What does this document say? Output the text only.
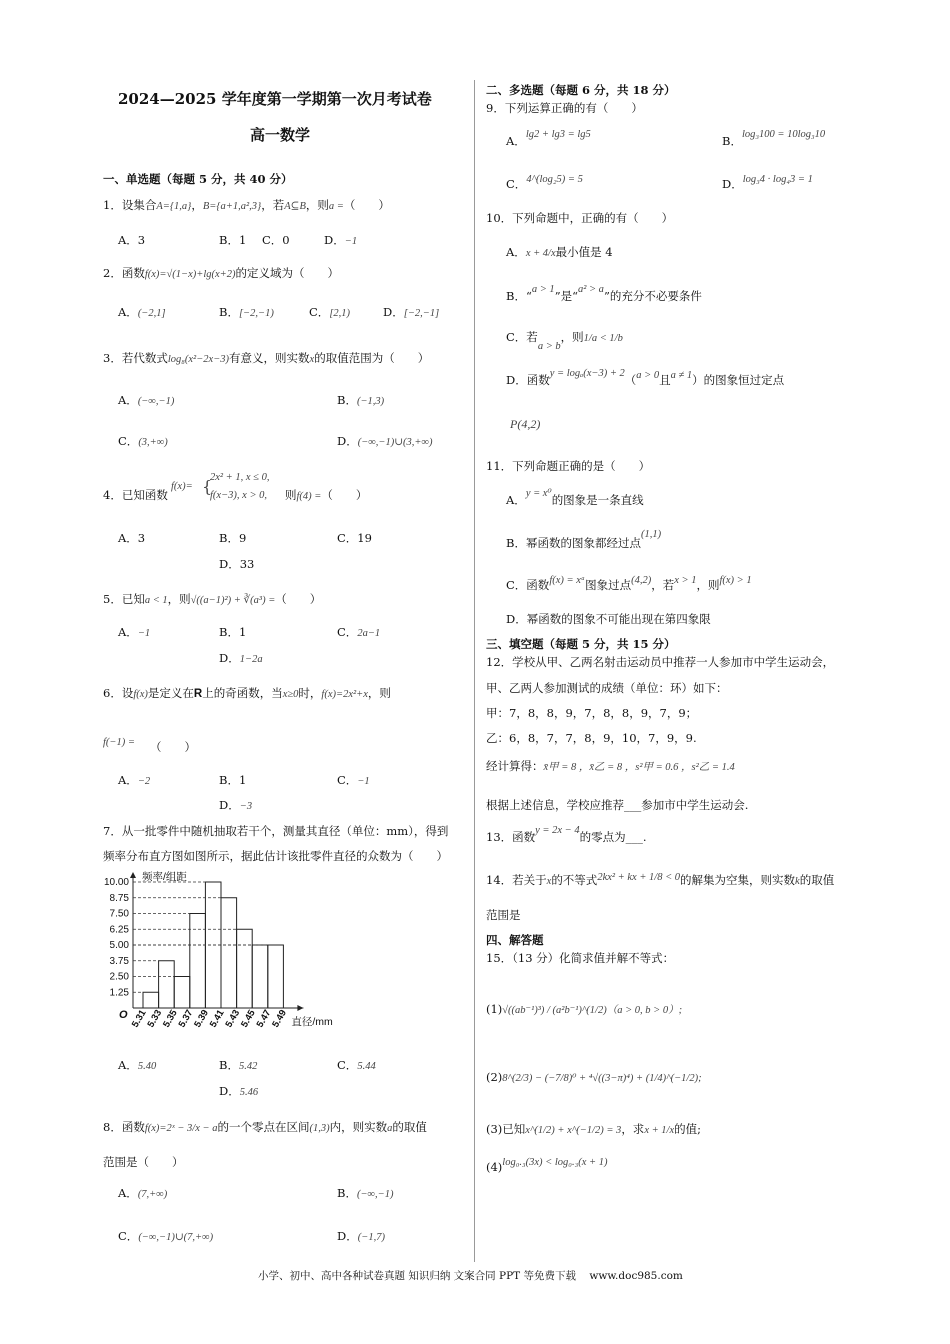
2024—2025 学年度第一学期第一次月考试卷
高一数学
一、单选题（每题 5 分，共 40 分）
1．设集合A={1,a}，B={a+1,a²,3}，若A⊆B，则a =（　　）
A．3	B．1 C．0	D．−1
2．函数f(x)=√(1−x)+lg(x+2)的定义域为（　　）
A．(−2,1]	B．[−2,−1)	C．[2,1)	D．[−2,−1]
3．若代数式log₈(x²−2x−3)有意义，则实数x的取值范围为（　　）
A．(−∞,−1)	B．(−1,3)
C．(3,+∞)	D．(−∞,−1)∪(3,+∞)
4．已知函数
f(x)= {
2x² + 1, x ≤ 0,
f(x−3), x > 0, 则f(4) =（　　）
A．3	B．9	C．19
D．33
5．已知a < 1，则√((a−1)²) + ∛(a³) =（　　）
A．−1	B．1	C．2a−1
D．1−2a
6．设f(x)是定义在R上的奇函数，当x≥0时，f(x)=2x²+x，则
f(−1) = （　　）
A．−2	B．1	C．−1
D．−3
7．从一批零件中随机抽取若干个，测量其直径（单位：mm），得到
频率分布直方图如图所示，据此估计该批零件直径的众数为（　　）
1.25
2.50
3.75
5.00
6.25
7.50
8.75
10.00
5.31
5.33
5.35
5.37
5.39
5.41
5.43
5.45
5.47
5.49
频率/组距
直径/mm
O
A．5.40	B．5.42	C．5.44
D．5.46
8．函数f(x)=2ˣ − 3/x − a的一个零点在区间(1,3)内，则实数a的取值
范围是（　　）
A．(7,+∞)	B．(−∞,−1)
C．(−∞,−1)∪(7,+∞)	D．(−1,7)
二、多选题（每题 6 分，共 18 分）
9．下列运算正确的有（　　）
A．lg2 + lg3 = lg5	B．log₃100 = 10log₃10
C．4^(log₂5) = 5	D．log₃4 · log₄3 = 1
10．下列命题中，正确的有（　　）
A．x + 4/x最小值是 4
B．“a > 1”是“a² > a”的充分不必要条件
C．若a > b，则1/a < 1/b
D．函数y = logₐ(x−3) + 2（a > 0且a ≠ 1）的图象恒过定点
P(4,2)
11．下列命题正确的是（　　）
A．y = x⁰的图象是一条直线
B．幂函数的图象都经过点(1,1)
C．函数f(x) = xᵃ图象过点(4,2)，若x > 1，则f(x) > 1
D．幂函数的图象不可能出现在第四象限
三、填空题（每题 5 分，共 15 分）
12．学校从甲、乙两名射击运动员中推荐一人参加市中学生运动会，
甲、乙两人参加测试的成绩（单位：环）如下：
甲：7，8，8，9，7，8，8，9，7，9；
乙：6，8，7，7，8，9，10，7，9，9.
经计算得：x̄甲 = 8 ，x̄乙 = 8 ，s²甲 = 0.6 ，s²乙 = 1.4
根据上述信息，学校应推荐___参加市中学生运动会.
13．函数y = 2x − 4的零点为___.
14．若关于x的不等式2kx² + kx + 1/8 < 0的解集为空集，则实数k的取值
范围是
四、解答题
15．（13 分）化简求值并解不等式：
(1)√((ab⁻¹)³) / (a²b⁻¹)^(1/2)（a > 0, b > 0）;
(2)8^(2/3) − (−7/8)⁰ + ⁴√((3−π)⁴) + (1/4)^(−1/2);
(3)已知x^(1/2) + x^(−1/2) = 3，求x + 1/x的值;
(4)log₀.₃(3x) < log₀.₃(x + 1)
小学、初中、高中各种试卷真题 知识归纳 文案合同 PPT 等免费下载 www.doc985.com
